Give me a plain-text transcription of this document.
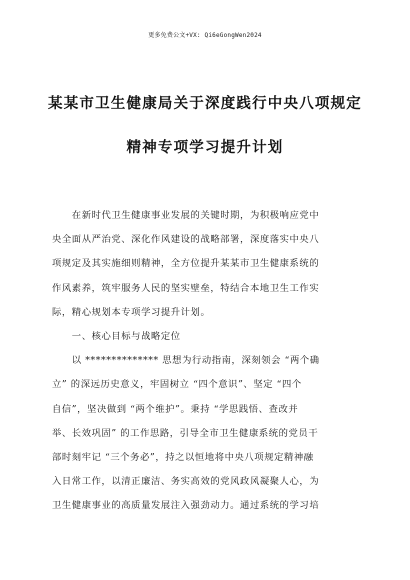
更多免费公文+VX: Qi6eGongWen2024
某某市卫生健康局关于深度践行中央八项规定
精神专项学习提升计划
　　在新时代卫生健康事业发展的关键时期，为积极响应党中
央全面从严治党、深化作风建设的战略部署，深度落实中央八
项规定及其实施细则精神，全方位提升某某市卫生健康系统的
作风素养，筑牢服务人民的坚实壁垒，特结合本地卫生工作实
际，精心规划本专项学习提升计划。
　　一、核心目标与战略定位
　　以 ************** 思想为行动指南，深刻领会 “两个确
立” 的深远历史意义，牢固树立 “四个意识”、坚定 “四个
自信”，坚决做到 “两个维护”。秉持 “学思践悟、查改并
举、长效巩固” 的工作思路，引导全市卫生健康系统的党员干
部时刻牢记 “三个务必”，持之以恒地将中央八项规定精神融
入日常工作，以清正廉洁、务实高效的党风政风凝聚人心，为
卫生健康事业的高质量发展注入强劲动力。通过系统的学习培
